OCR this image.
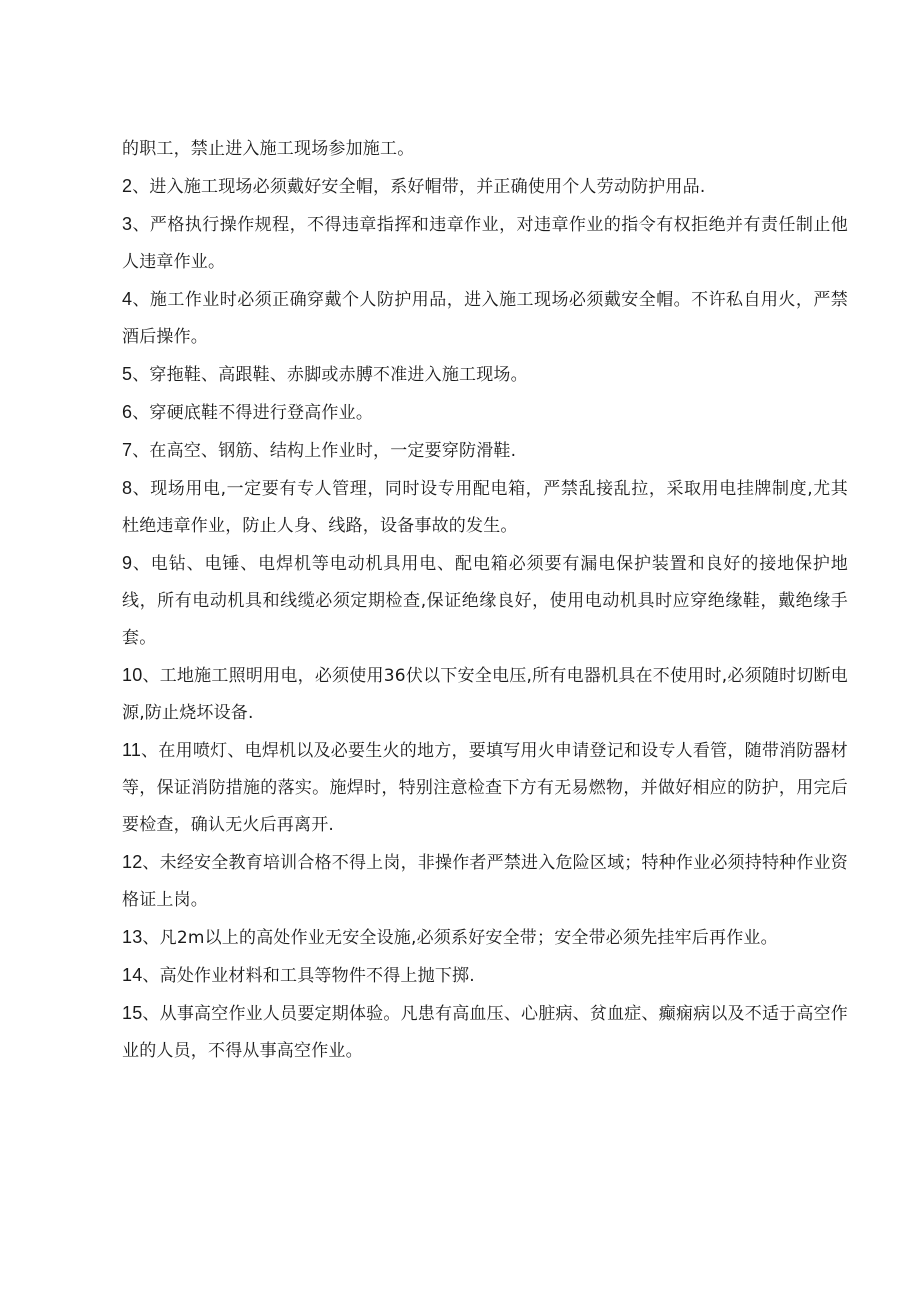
的职工，禁止进入施工现场参加施工。

2、进入施工现场必须戴好安全帽，系好帽带，并正确使用个人劳动防护用品.

3、严格执行操作规程，不得违章指挥和违章作业，对违章作业的指令有权拒绝并有责任制止他人违章作业。

4、施工作业时必须正确穿戴个人防护用品，进入施工现场必须戴安全帽。不许私自用火，严禁酒后操作。

5、穿拖鞋、高跟鞋、赤脚或赤膊不准进入施工现场。

6、穿硬底鞋不得进行登高作业。

7、在高空、钢筋、结构上作业时，一定要穿防滑鞋.

8、现场用电,一定要有专人管理，同时设专用配电箱，严禁乱接乱拉，采取用电挂牌制度,尤其杜绝违章作业，防止人身、线路，设备事故的发生。

9、电钻、电锤、电焊机等电动机具用电、配电箱必须要有漏电保护装置和良好的接地保护地线，所有电动机具和线缆必须定期检查,保证绝缘良好，使用电动机具时应穿绝缘鞋，戴绝缘手套。

10、工地施工照明用电，必须使用36伏以下安全电压,所有电器机具在不使用时,必须随时切断电源,防止烧坏设备.

11、在用喷灯、电焊机以及必要生火的地方，要填写用火申请登记和设专人看管，随带消防器材等，保证消防措施的落实。施焊时，特别注意检查下方有无易燃物，并做好相应的防护，用完后要检查，确认无火后再离开.

12、未经安全教育培训合格不得上岗，非操作者严禁进入危险区域；特种作业必须持特种作业资格证上岗。

13、凡2m以上的高处作业无安全设施,必须系好安全带；安全带必须先挂牢后再作业。

14、高处作业材料和工具等物件不得上抛下掷.

15、从事高空作业人员要定期体验。凡患有高血压、心脏病、贫血症、癫痫病以及不适于高空作业的人员，不得从事高空作业。
